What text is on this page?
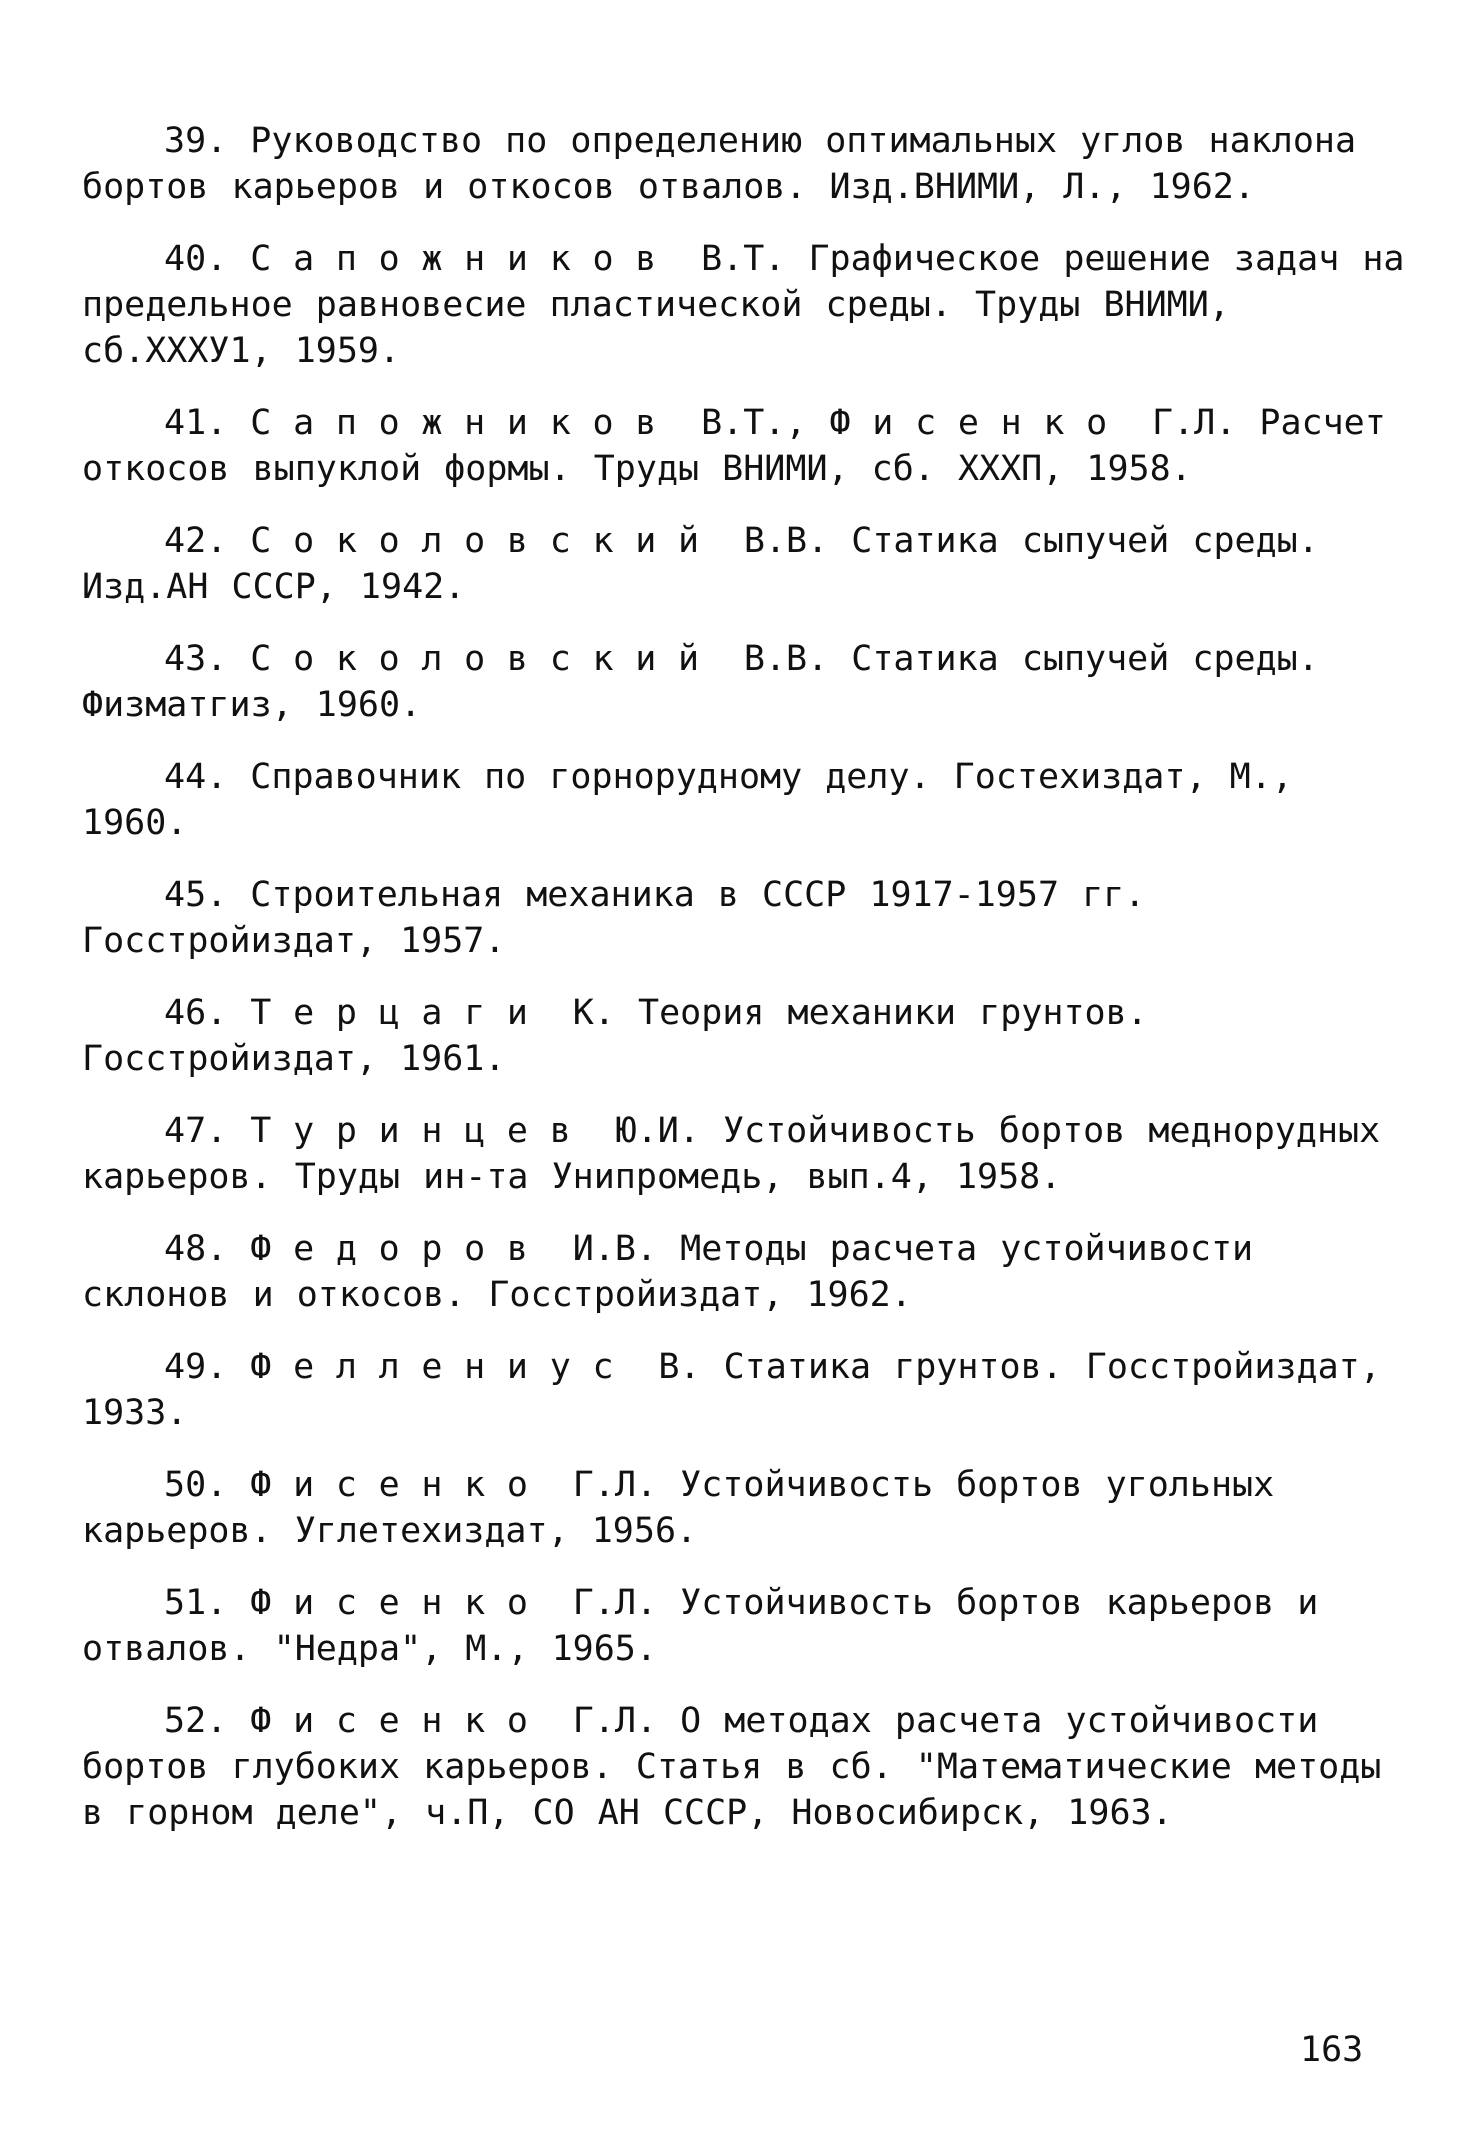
39. Руководство по определению оптимальных углов наклона бортов карьеров и откосов отвалов. Изд.ВНИМИ, Л., 1962.

40. Сапожников В.Т. Графическое решение задач на предельное равновесие пластической среды. Труды ВНИМИ, сб.XXXУ1, 1959.

41. Сапожников В.Т., Фисенко Г.Л. Расчет откосов выпуклой формы. Труды ВНИМИ, сб. XXXП, 1958.

42. Соколовский В.В. Статика сыпучей среды. Изд.АН СССР, 1942.

43. Соколовский В.В. Статика сыпучей среды. Физматгиз, 1960.

44. Справочник по горнорудному делу. Гостехиздат, М., 1960.

45. Строительная механика в СССР 1917-1957 гг. Госстройиздат, 1957.

46. Терцаги К. Теория механики грунтов. Госстройиздат, 1961.

47. Туринцев Ю.И. Устойчивость бортов меднорудных карьеров. Труды ин-та Унипромедь, вып.4, 1958.

48. Федоров И.В. Методы расчета устойчивости склонов и откосов. Госстройиздат, 1962.

49. Феллениус В. Статика грунтов. Госстройиздат, 1933.

50. Фисенко Г.Л. Устойчивость бортов угольных карьеров. Углетехиздат, 1956.

51. Фисенко Г.Л. Устойчивость бортов карьеров и отвалов. "Недра", М., 1965.

52. Фисенко Г.Л. О методах расчета устойчивости бортов глубоких карьеров. Статья в сб. "Математические методы в горном деле", ч.П, СО АН СССР, Новосибирск, 1963.

163
